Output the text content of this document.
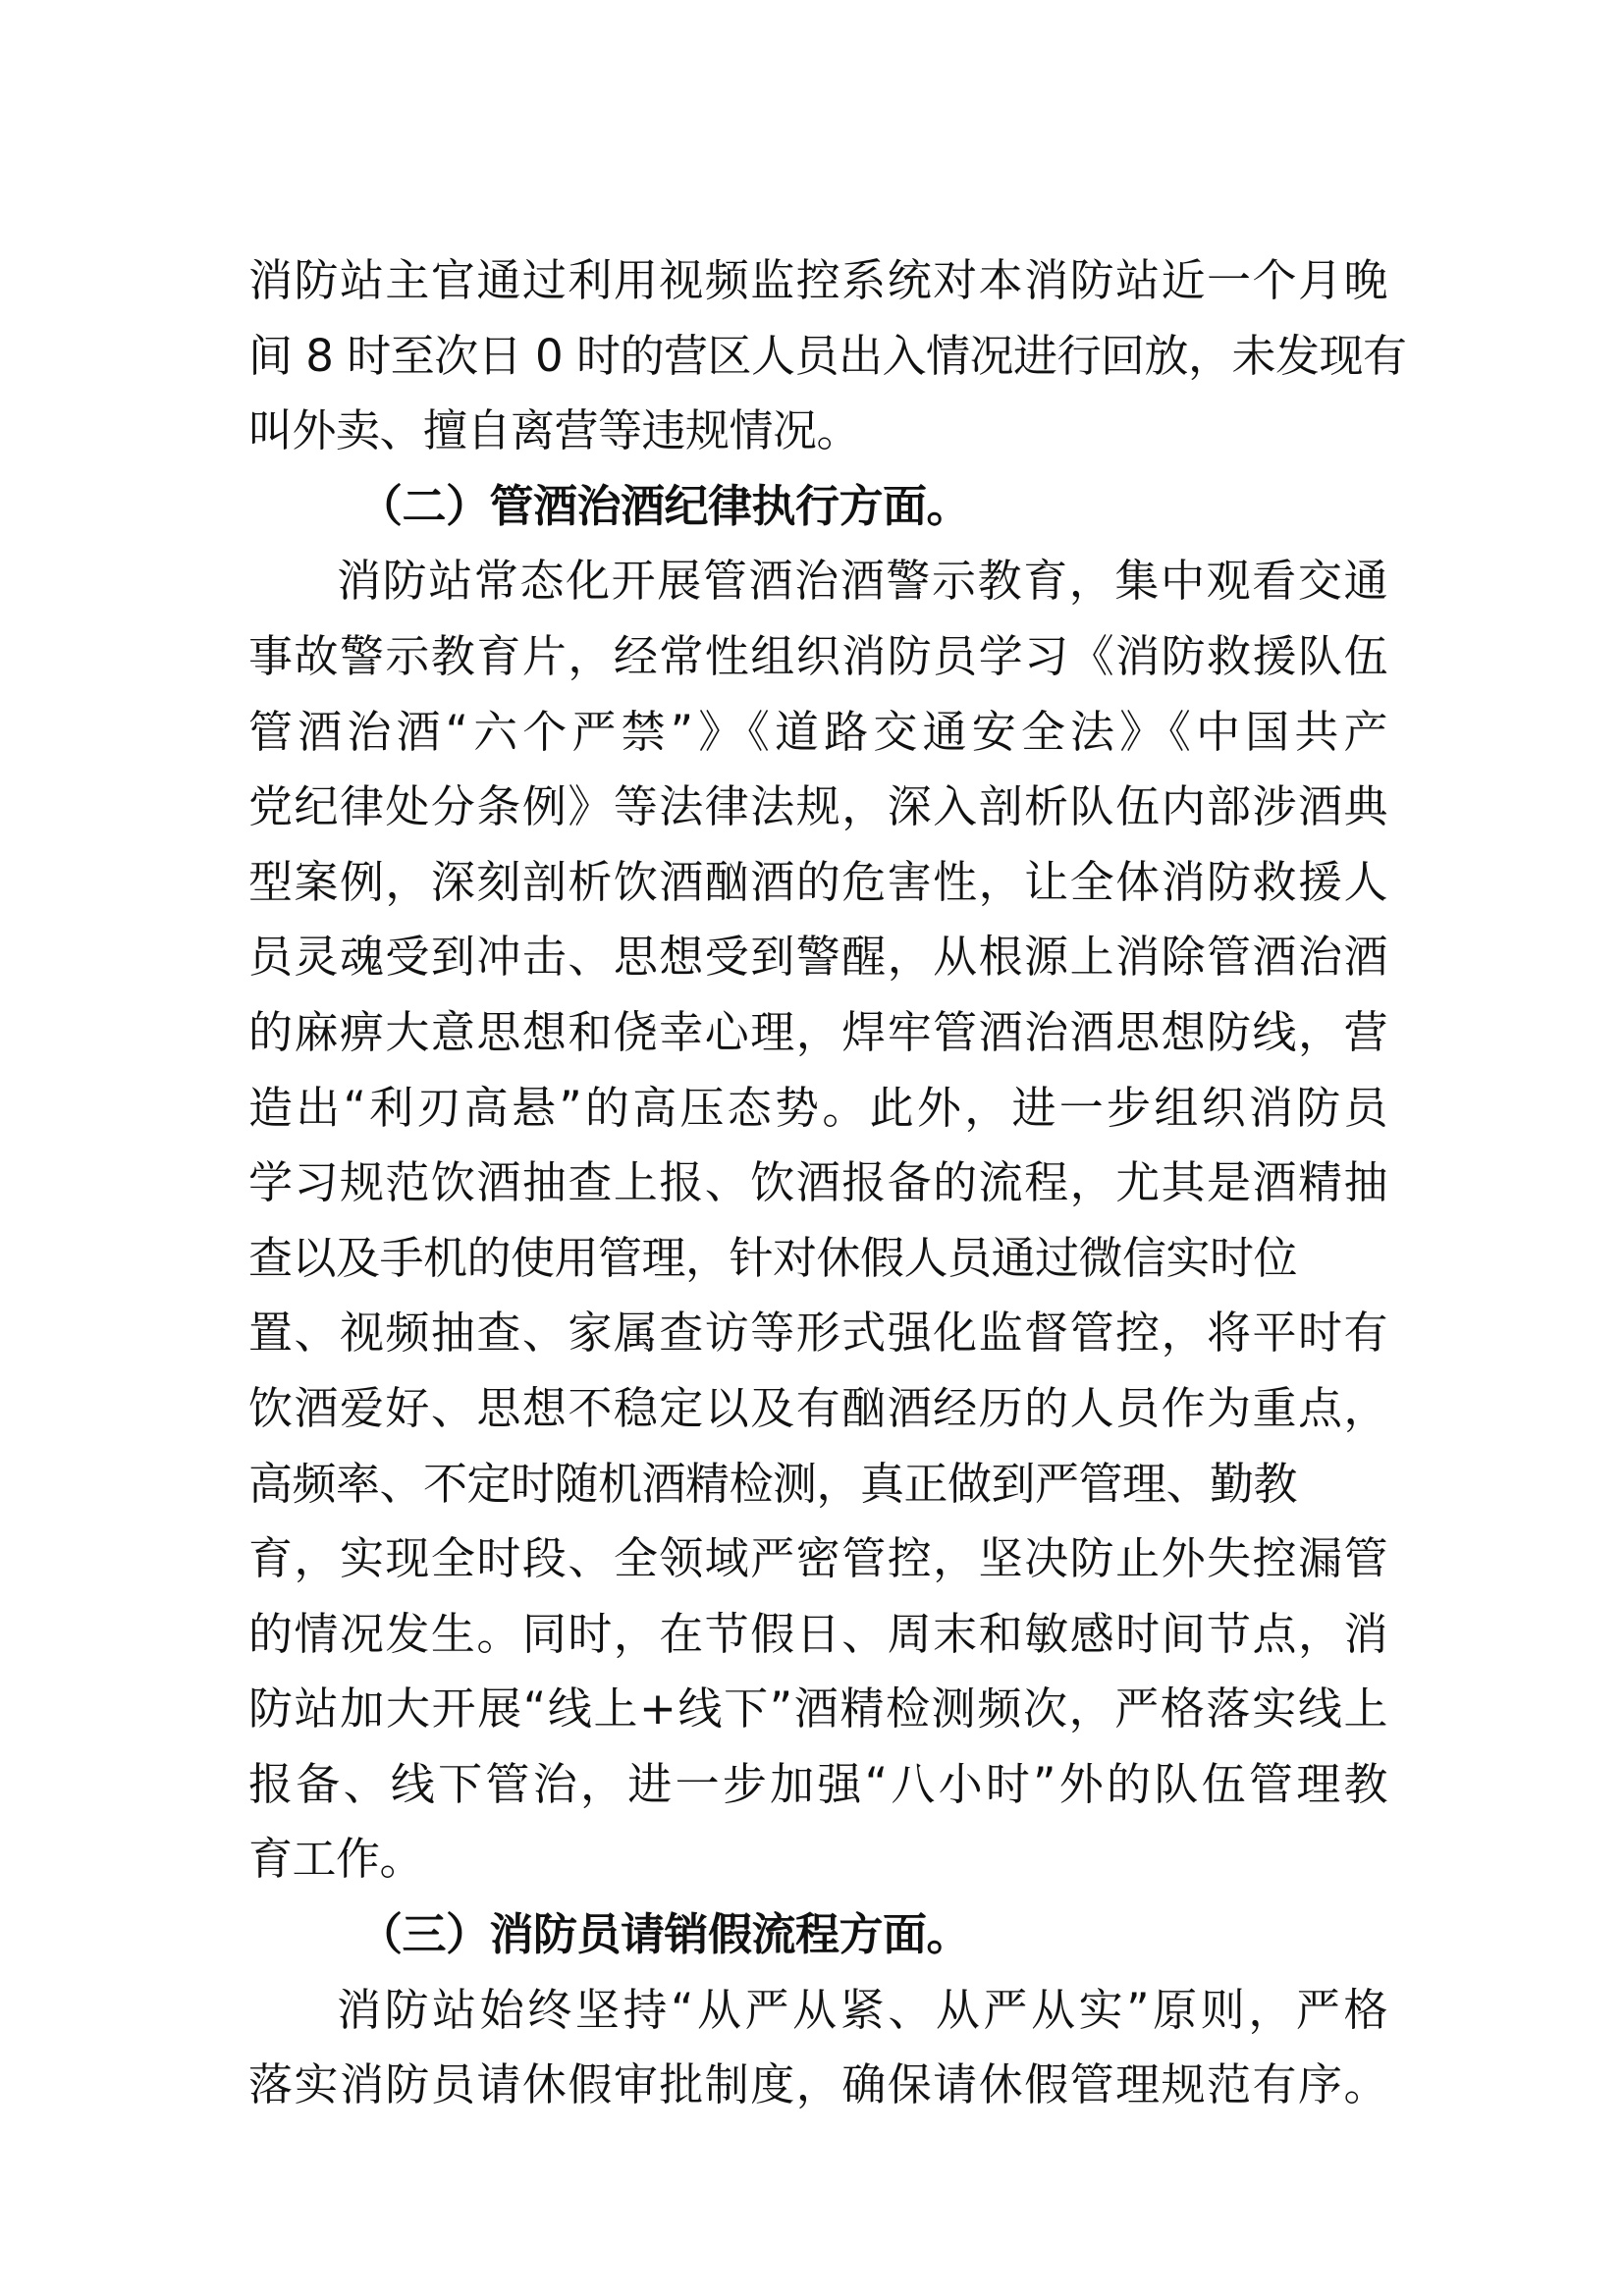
消防站主官通过利用视频监控系统对本消防站近一个月晚
间 8 时至次日 0 时的营区人员出入情况进行回放，未发现有
叫外卖、擅自离营等违规情况。
（二）管酒治酒纪律执行方面。
消防站常态化开展管酒治酒警示教育，集中观看交通
事故警示教育片，经常性组织消防员学习《消防救援队伍
管酒治酒“六个严禁”》《道路交通安全法》《中国共产
党纪律处分条例》等法律法规，深入剖析队伍内部涉酒典
型案例，深刻剖析饮酒酗酒的危害性，让全体消防救援人
员灵魂受到冲击、思想受到警醒，从根源上消除管酒治酒
的麻痹大意思想和侥幸心理，焊牢管酒治酒思想防线，营
造出“利刃高悬”的高压态势。此外，进一步组织消防员
学习规范饮酒抽查上报、饮酒报备的流程，尤其是酒精抽
查以及手机的使用管理，针对休假人员通过微信实时位
置、视频抽查、家属查访等形式强化监督管控，将平时有
饮酒爱好、思想不稳定以及有酗酒经历的人员作为重点，
高频率、不定时随机酒精检测，真正做到严管理、勤教
育，实现全时段、全领域严密管控，坚决防止外失控漏管
的情况发生。同时，在节假日、周末和敏感时间节点，消
防站加大开展“线上+线下”酒精检测频次，严格落实线上
报备、线下管治，进一步加强“八小时”外的队伍管理教
育工作。
（三）消防员请销假流程方面。
消防站始终坚持“从严从紧、从严从实”原则，严格
落实消防员请休假审批制度，确保请休假管理规范有序。
